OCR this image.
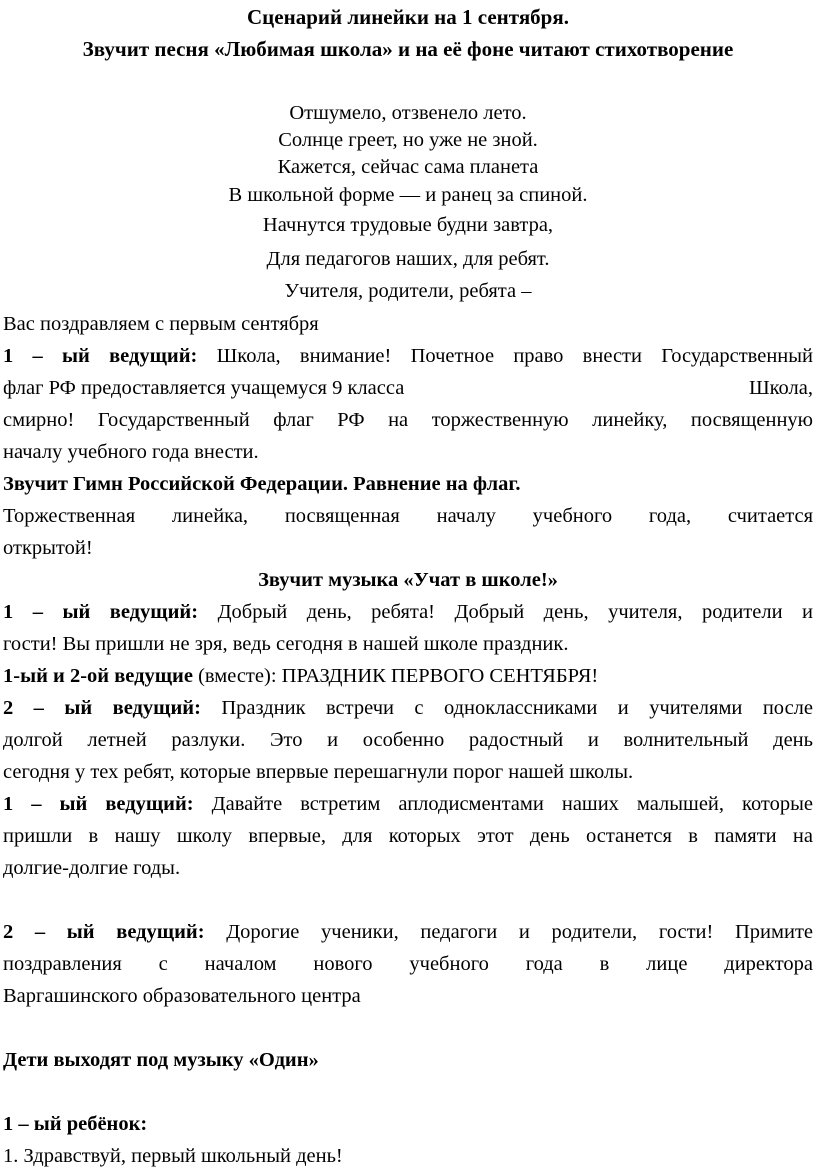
Сценарий линейки на 1 сентября.
Звучит песня «Любимая школа» и на её фоне читают стихотворение
Отшумело, отзвенело лето.
Солнце греет, но уже не зной.
Кажется, сейчас сама планета
В школьной форме — и ранец за спиной.
Начнутся трудовые будни завтра,
Для педагогов наших, для ребят.
Учителя, родители, ребята –
Вас поздравляем с первым сентября
1 – ый ведущий: Школа, внимание! Почетное право внести Государственный
флаг РФ предоставляется учащемуся 9 класса	Школа,
смирно! Государственный флаг РФ на торжественную линейку, посвященную
началу учебного года внести.
Звучит Гимн Российской Федерации. Равнение на флаг.
Торжественная линейка, посвященная началу учебного года, считается
открытой!
Звучит музыка «Учат в школе!»
1 – ый ведущий: Добрый день, ребята! Добрый день, учителя, родители и
гости! Вы пришли не зря, ведь сегодня в нашей школе праздник.
1-ый и 2-ой ведущие (вместе): ПРАЗДНИК ПЕРВОГО СЕНТЯБРЯ!
2 – ый ведущий: Праздник встречи с одноклассниками и учителями после
долгой летней разлуки. Это и особенно радостный и волнительный день
сегодня у тех ребят, которые впервые перешагнули порог нашей школы.
1 – ый ведущий: Давайте встретим аплодисментами наших малышей, которые
пришли в нашу школу впервые, для которых этот день останется в памяти на
долгие-долгие годы.
2 – ый ведущий: Дорогие ученики, педагоги и родители, гости! Примите
поздравления с началом нового учебного года в лице директора
Варгашинского образовательного центра
Дети выходят под музыку «Один»
1 – ый ребёнок:
1. Здравствуй, первый школьный день!
